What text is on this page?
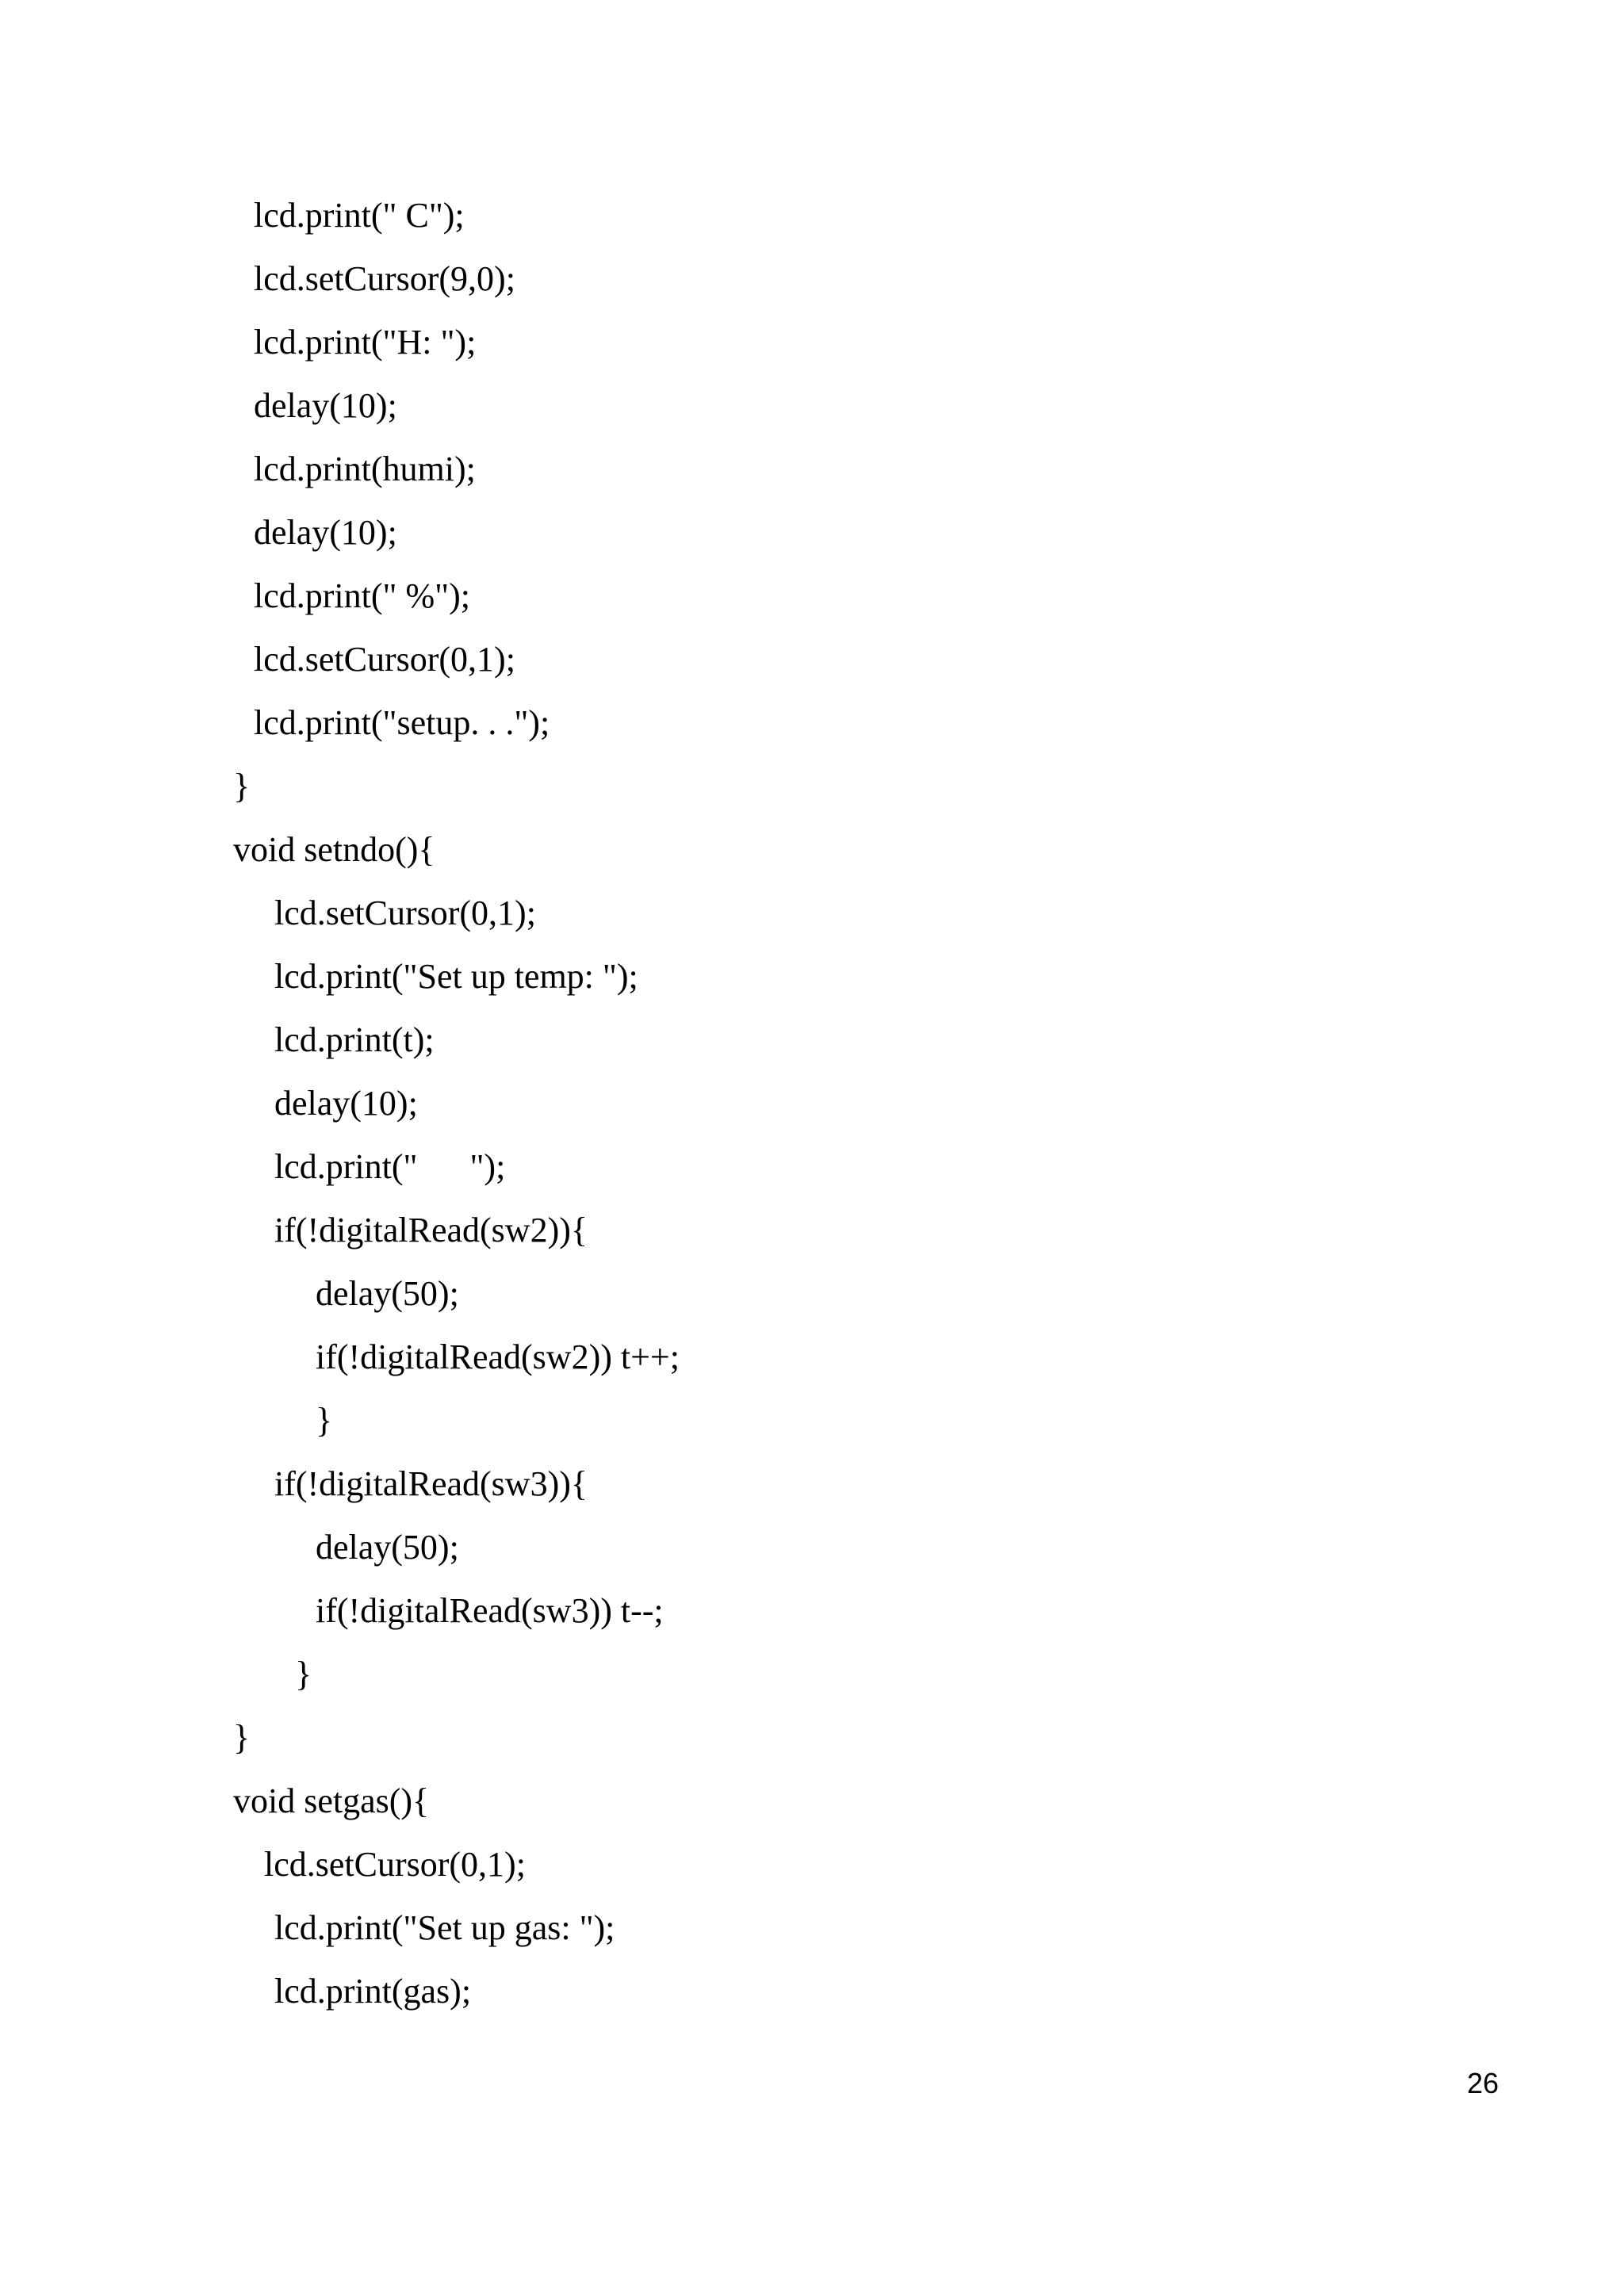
lcd.print(" C");
lcd.setCursor(9,0);
lcd.print("H: ");
delay(10);
lcd.print(humi);
delay(10);
lcd.print(" %");
lcd.setCursor(0,1);
lcd.print("setup. . .");
}
void setndo(){
lcd.setCursor(0,1);
lcd.print("Set up temp: ");
lcd.print(t);
delay(10);
lcd.print("      ");
if(!digitalRead(sw2)){
delay(50);
if(!digitalRead(sw2)) t++;
}
if(!digitalRead(sw3)){
delay(50);
if(!digitalRead(sw3)) t--;
}
}
void setgas(){
lcd.setCursor(0,1);
lcd.print("Set up gas: ");
lcd.print(gas);
26
